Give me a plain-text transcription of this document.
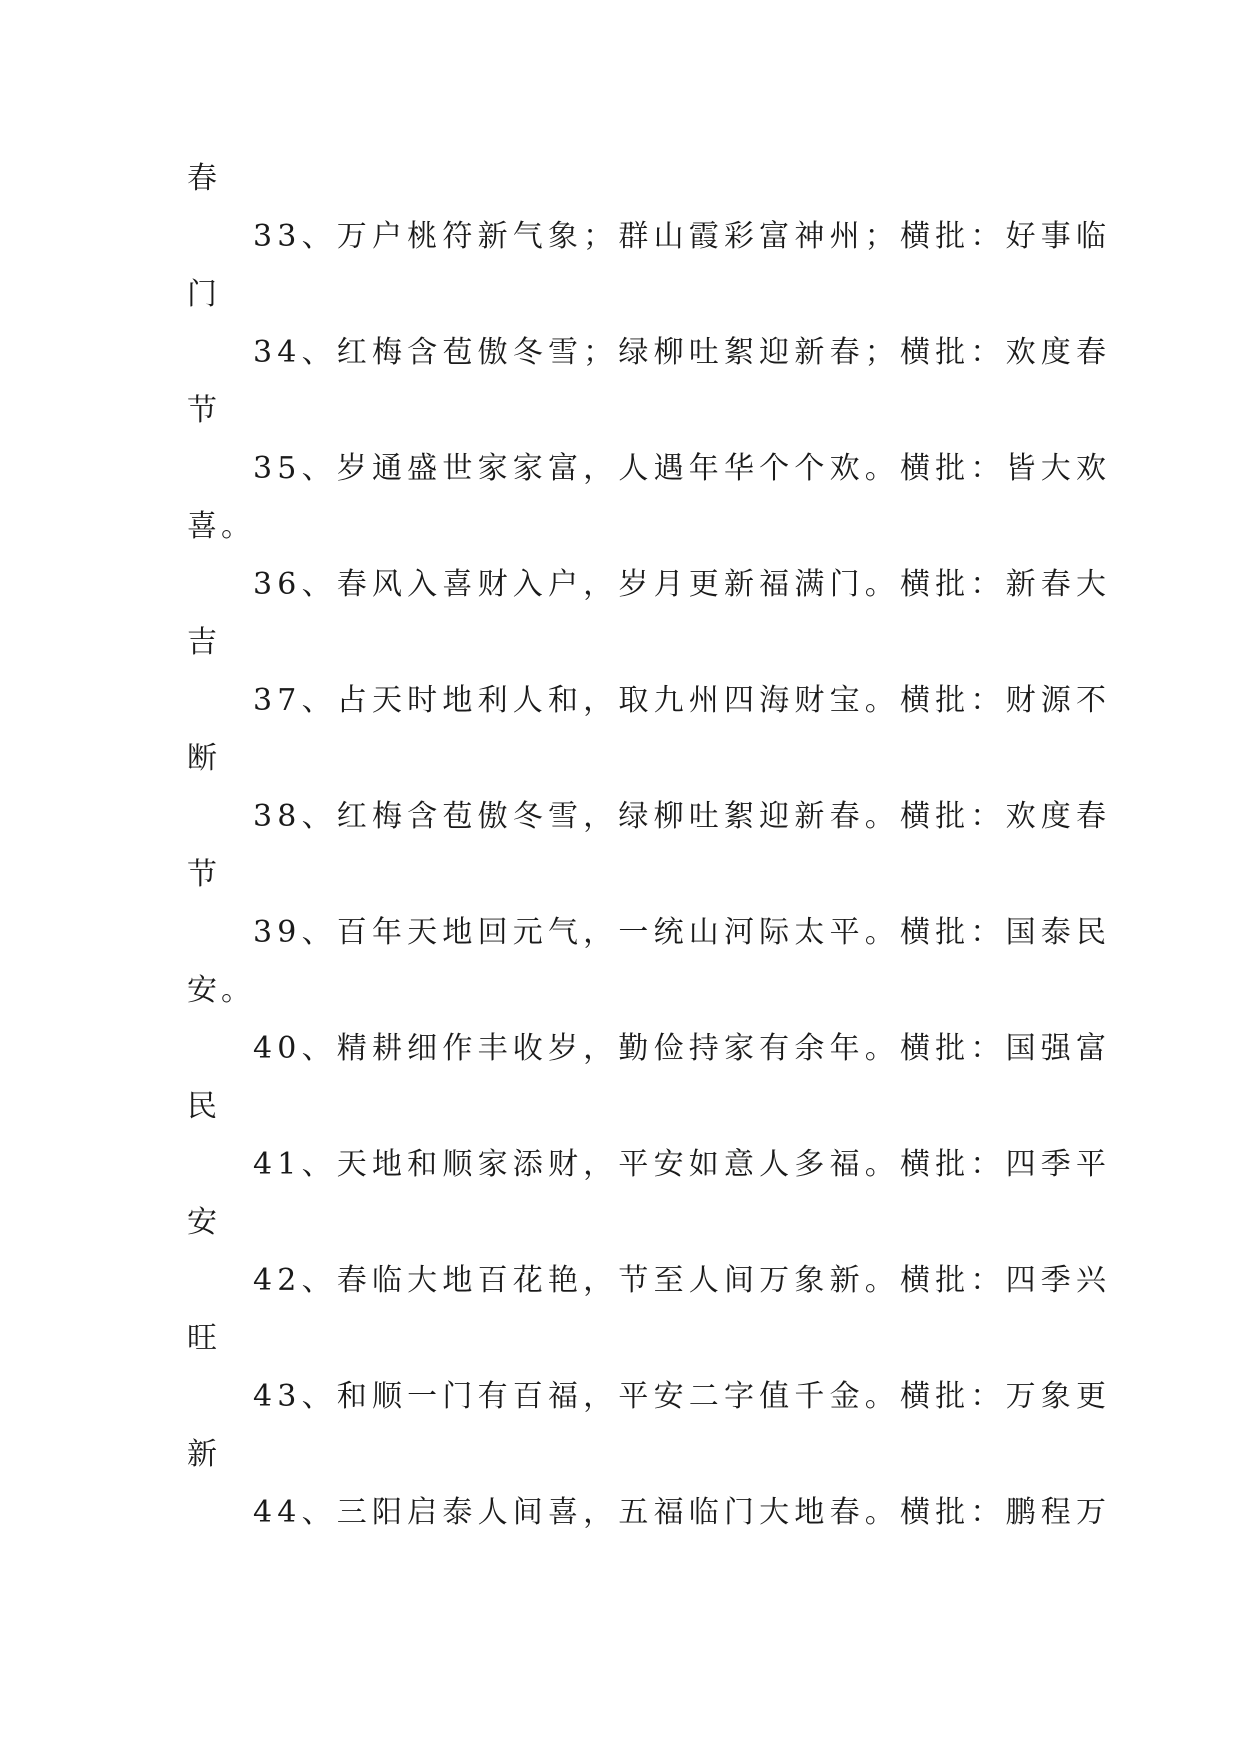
春
33、万户桃符新气象；群山霞彩富神州；横批：好事临
门
34、红梅含苞傲冬雪；绿柳吐絮迎新春；横批：欢度春
节
35、岁通盛世家家富，人遇年华个个欢。横批：皆大欢
喜。
36、春风入喜财入户，岁月更新福满门。横批：新春大
吉
37、占天时地利人和，取九州四海财宝。横批：财源不
断
38、红梅含苞傲冬雪，绿柳吐絮迎新春。横批：欢度春
节
39、百年天地回元气，一统山河际太平。横批：国泰民
安。
40、精耕细作丰收岁，勤俭持家有余年。横批：国强富
民
41、天地和顺家添财，平安如意人多福。横批：四季平
安
42、春临大地百花艳，节至人间万象新。横批：四季兴
旺
43、和顺一门有百福，平安二字值千金。横批：万象更
新
44、三阳启泰人间喜，五福临门大地春。横批：鹏程万
